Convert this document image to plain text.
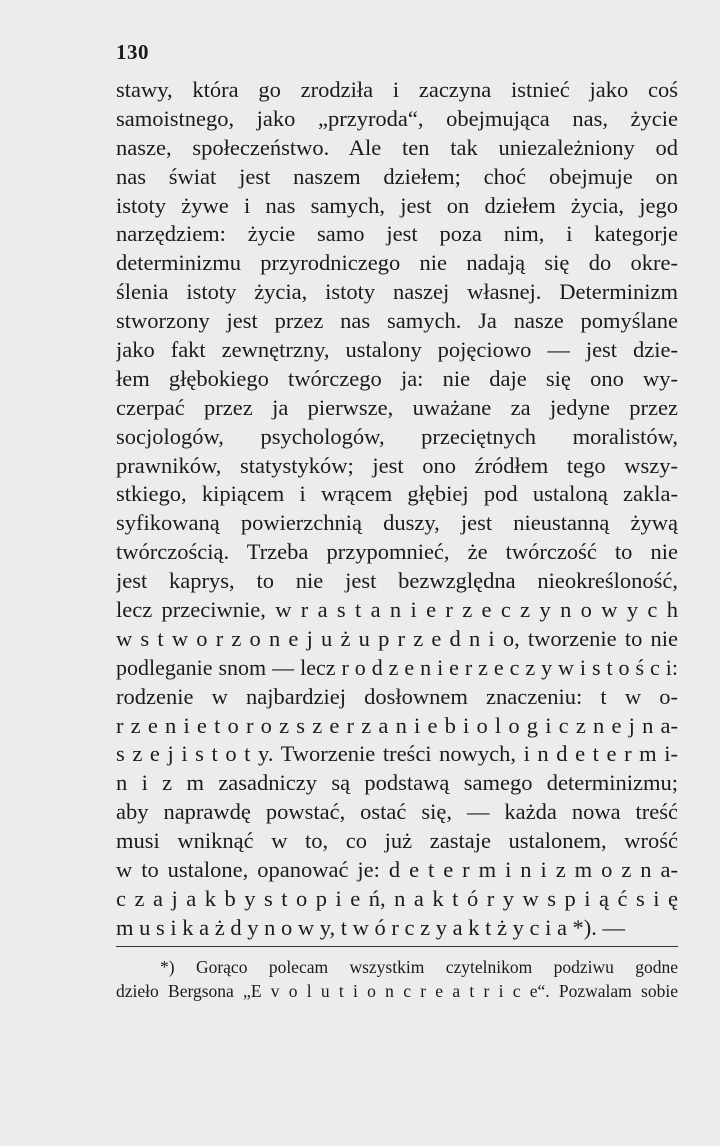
130
stawy, która go zrodziła i zaczyna istnieć jako coś
samoistnego, jako „przyroda“, obejmująca nas, życie
nasze, społeczeństwo. Ale ten tak uniezależniony od
nas świat jest naszem dziełem; choć obejmuje on
istoty żywe i nas samych, jest on dziełem życia, jego
narzędziem: życie samo jest poza nim, i kategorje
determinizmu przyrodniczego nie nadają się do okre-
ślenia istoty życia, istoty naszej własnej. Determinizm
stworzony jest przez nas samych. Ja nasze pomyślane
jako fakt zewnętrzny, ustalony pojęciowo — jest dzie-
łem głębokiego twórczego ja: nie daje się ono wy-
czerpać przez ja pierwsze, uważane za jedyne przez
socjologów, psychologów, przeciętnych moralistów,
prawników, statystyków; jest ono źródłem tego wszy-
stkiego, kipiącem i wrącem głębiej pod ustaloną zakla-
syfikowaną powierzchnią duszy, jest nieustanną żywą
twórczością. Trzeba przypomnieć, że twórczość to nie
jest kaprys, to nie jest bezwzględna nieokreśloność,
lecz przeciwnie, w r a s t a n i e r z e c z y n o w y c h
w s t w o r z o n e j u ż u p r z e d n i o, tworzenie to nie
podleganie snom — lecz r o d z e n i e r z e c z y w i s t o ś c i:
rodzenie w najbardziej dosłownem znaczeniu: t w o-
r z e n i e t o r o z s z e r z a n i e b i o l o g i c z n e j n a-
s z e j i s t o t y. Tworzenie treści nowych, i n d e t e r m i-
n i z m zasadniczy są podstawą samego determinizmu;
aby naprawdę powstać, ostać się, — każda nowa treść
musi wniknąć w to, co już zastaje ustalonem, wrość
w to ustalone, opanować je: d e t e r m i n i z m o z n a-
c z a j a k b y s t o p i e ń, n a k t ó r y w s p i ą ć s i ę
m u s i k a ż d y n o w y, t w ó r c z y a k t ż y c i a *). —
*) Gorąco polecam wszystkim czytelnikom podziwu godne
dzieło Bergsona „E v o l u t i o n c r e a t r i c e“. Pozwalam sobie
